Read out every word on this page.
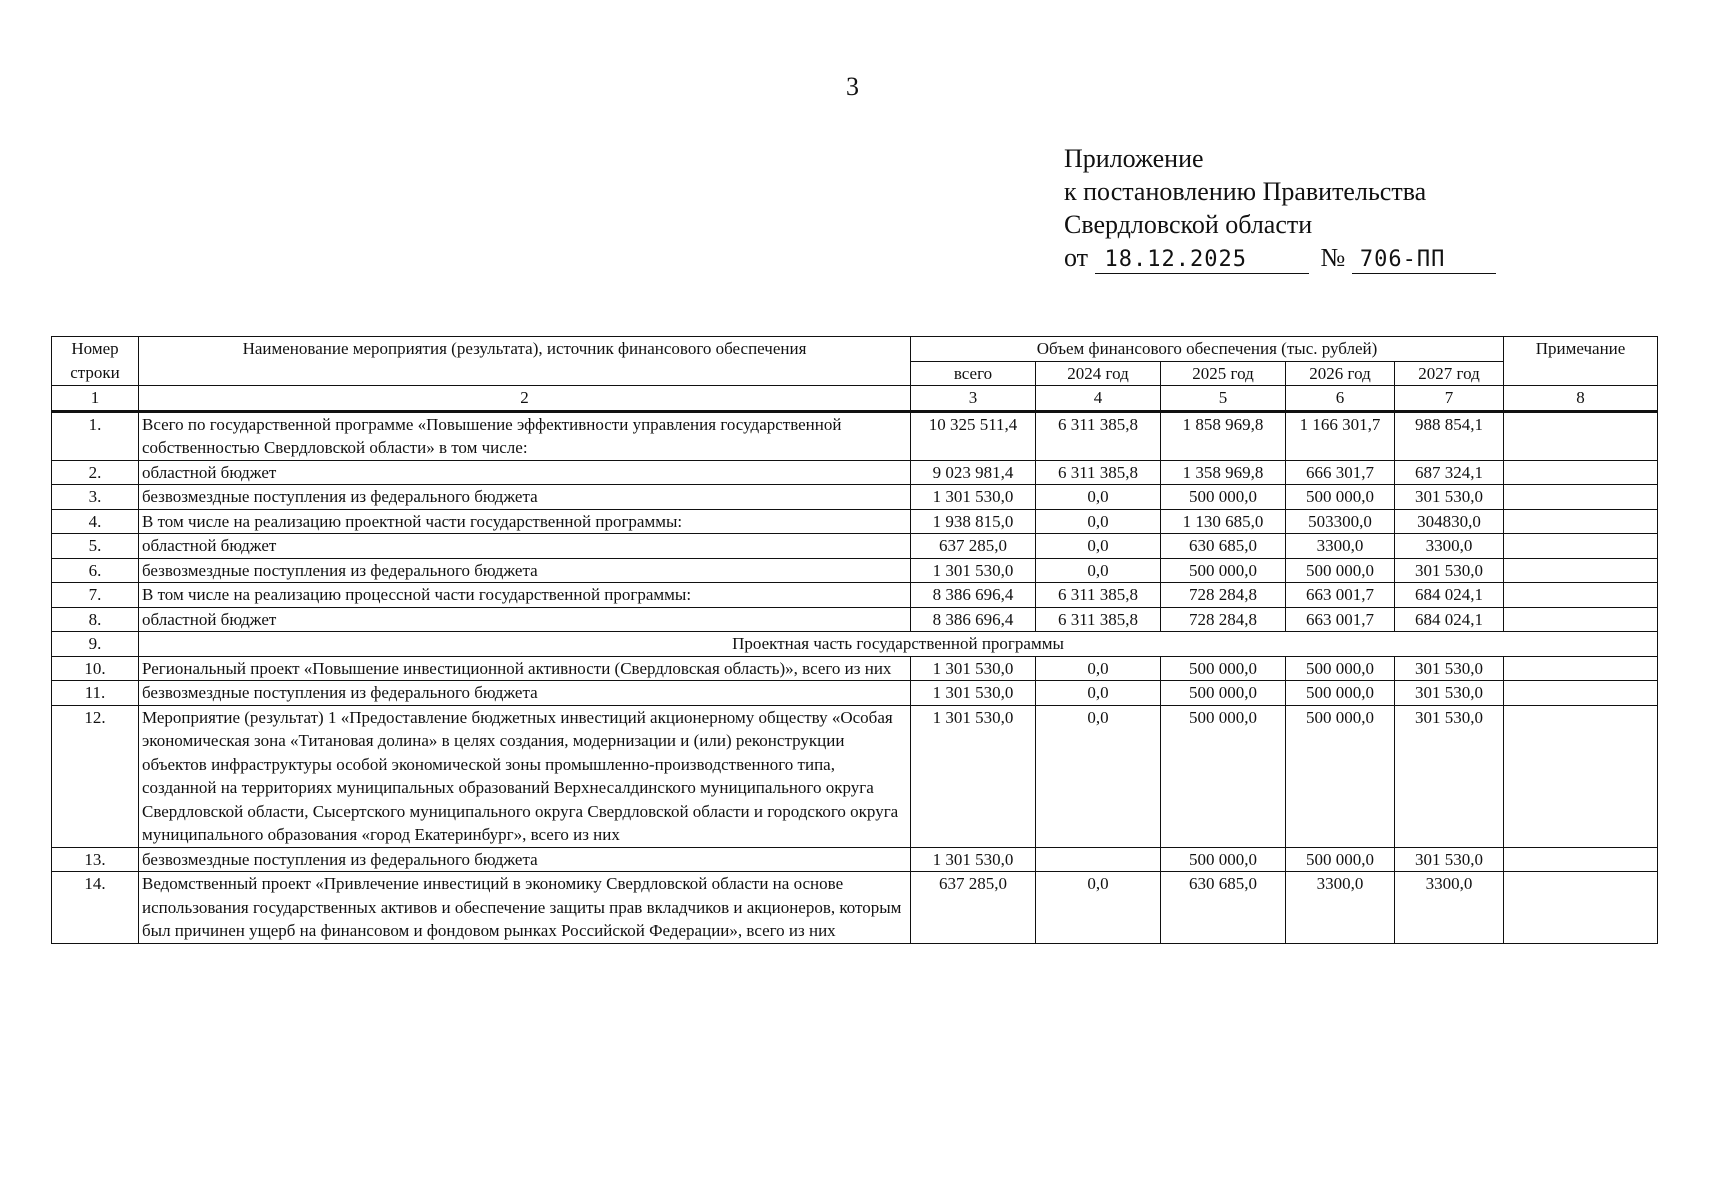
3
Приложение
к постановлению Правительства
Свердловской области
от 18.12.2025	№ 706-ПП
Номер строки	Наименование мероприятия (результата), источник финансового обеспечения	Объем финансового обеспечения (тыс. рублей)					Примечание
		всего	2024 год	2025 год	2026 год	2027 год	
1	2	3	4	5	6	7	8
1.	Всего по государственной программе «Повышение эффективности управления государственной собственностью Свердловской области» в том числе:	10 325 511,4	6 311 385,8	1 858 969,8	1 166 301,7	988 854,1	
2.	областной бюджет	9 023 981,4	6 311 385,8	1 358 969,8	666 301,7	687 324,1	
3.	безвозмездные поступления из федерального бюджета	1 301 530,0	0,0	500 000,0	500 000,0	301 530,0	
4.	В том числе на реализацию проектной части государственной программы:	1 938 815,0	0,0	1 130 685,0	503300,0	304830,0	
5.	областной бюджет	637 285,0	0,0	630 685,0	3300,0	3300,0	
6.	безвозмездные поступления из федерального бюджета	1 301 530,0	0,0	500 000,0	500 000,0	301 530,0	
7.	В том числе на реализацию процессной части государственной программы:	8 386 696,4	6 311 385,8	728 284,8	663 001,7	684 024,1	
8.	областной бюджет	8 386 696,4	6 311 385,8	728 284,8	663 001,7	684 024,1	
9.	Проектная часть государственной программы						
10.	Региональный проект «Повышение инвестиционной активности (Свердловская область)», всего из них	1 301 530,0	0,0	500 000,0	500 000,0	301 530,0	
11.	безвозмездные поступления из федерального бюджета	1 301 530,0	0,0	500 000,0	500 000,0	301 530,0	
12.	Мероприятие (результат) 1 «Предоставление бюджетных инвестиций акционерному обществу «Особая экономическая зона «Титановая долина» в целях создания, модернизации и (или) реконструкции объектов инфраструктуры особой экономической зоны промышленно-производственного типа, созданной на территориях муниципальных образований Верхнесалдинского муниципального округа Свердловской области, Сысертского муниципального округа Свердловской области и городского округа муниципального образования «город Екатеринбург», всего из них	1 301 530,0	0,0	500 000,0	500 000,0	301 530,0	
13.	безвозмездные поступления из федерального бюджета	1 301 530,0		500 000,0	500 000,0	301 530,0	
14.	Ведомственный проект «Привлечение инвестиций в экономику Свердловской области на основе использования государственных активов и обеспечение защиты прав вкладчиков и акционеров, которым был причинен ущерб на финансовом и фондовом рынках Российской Федерации», всего из них	637 285,0	0,0	630 685,0	3300,0	3300,0	
